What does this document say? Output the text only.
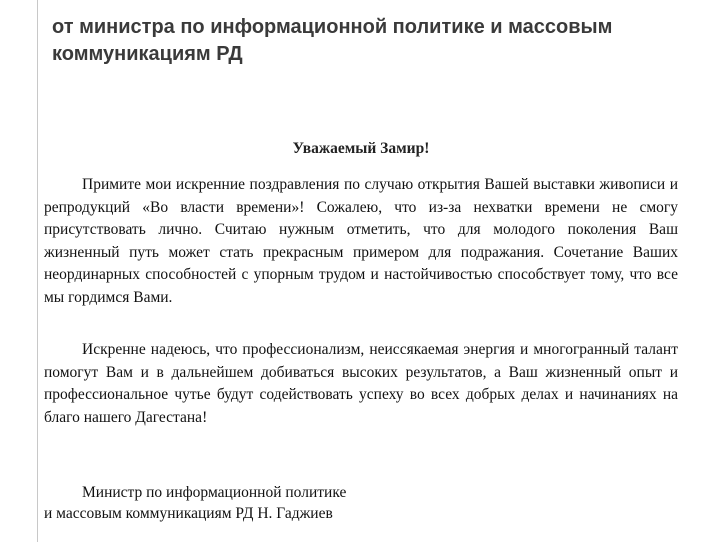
от министра по информационной политике и массовым коммуникациям РД

Уважаемый Замир!

Примите мои искренние поздравления по случаю открытия Вашей выставки живописи и репродукций «Во власти времени»! Сожалею, что из-за нехватки времени не смогу присутствовать лично. Считаю нужным отметить, что для молодого поколения Ваш жизненный путь может стать прекрасным примером для подражания. Сочетание Ваших неординарных способностей с упорным трудом и настойчивостью способствует тому, что все мы гордимся Вами.

Искренне надеюсь, что профессионализм, неиссякаемая энергия и многогранный талант помогут Вам и в дальнейшем добиваться высоких результатов, а Ваш жизненный опыт и профессиональное чутье будут содействовать успеху во всех добрых делах и начинаниях на благо нашего Дагестана!

Министр по информационной политике
и массовым коммуникациям РД Н. Гаджиев
